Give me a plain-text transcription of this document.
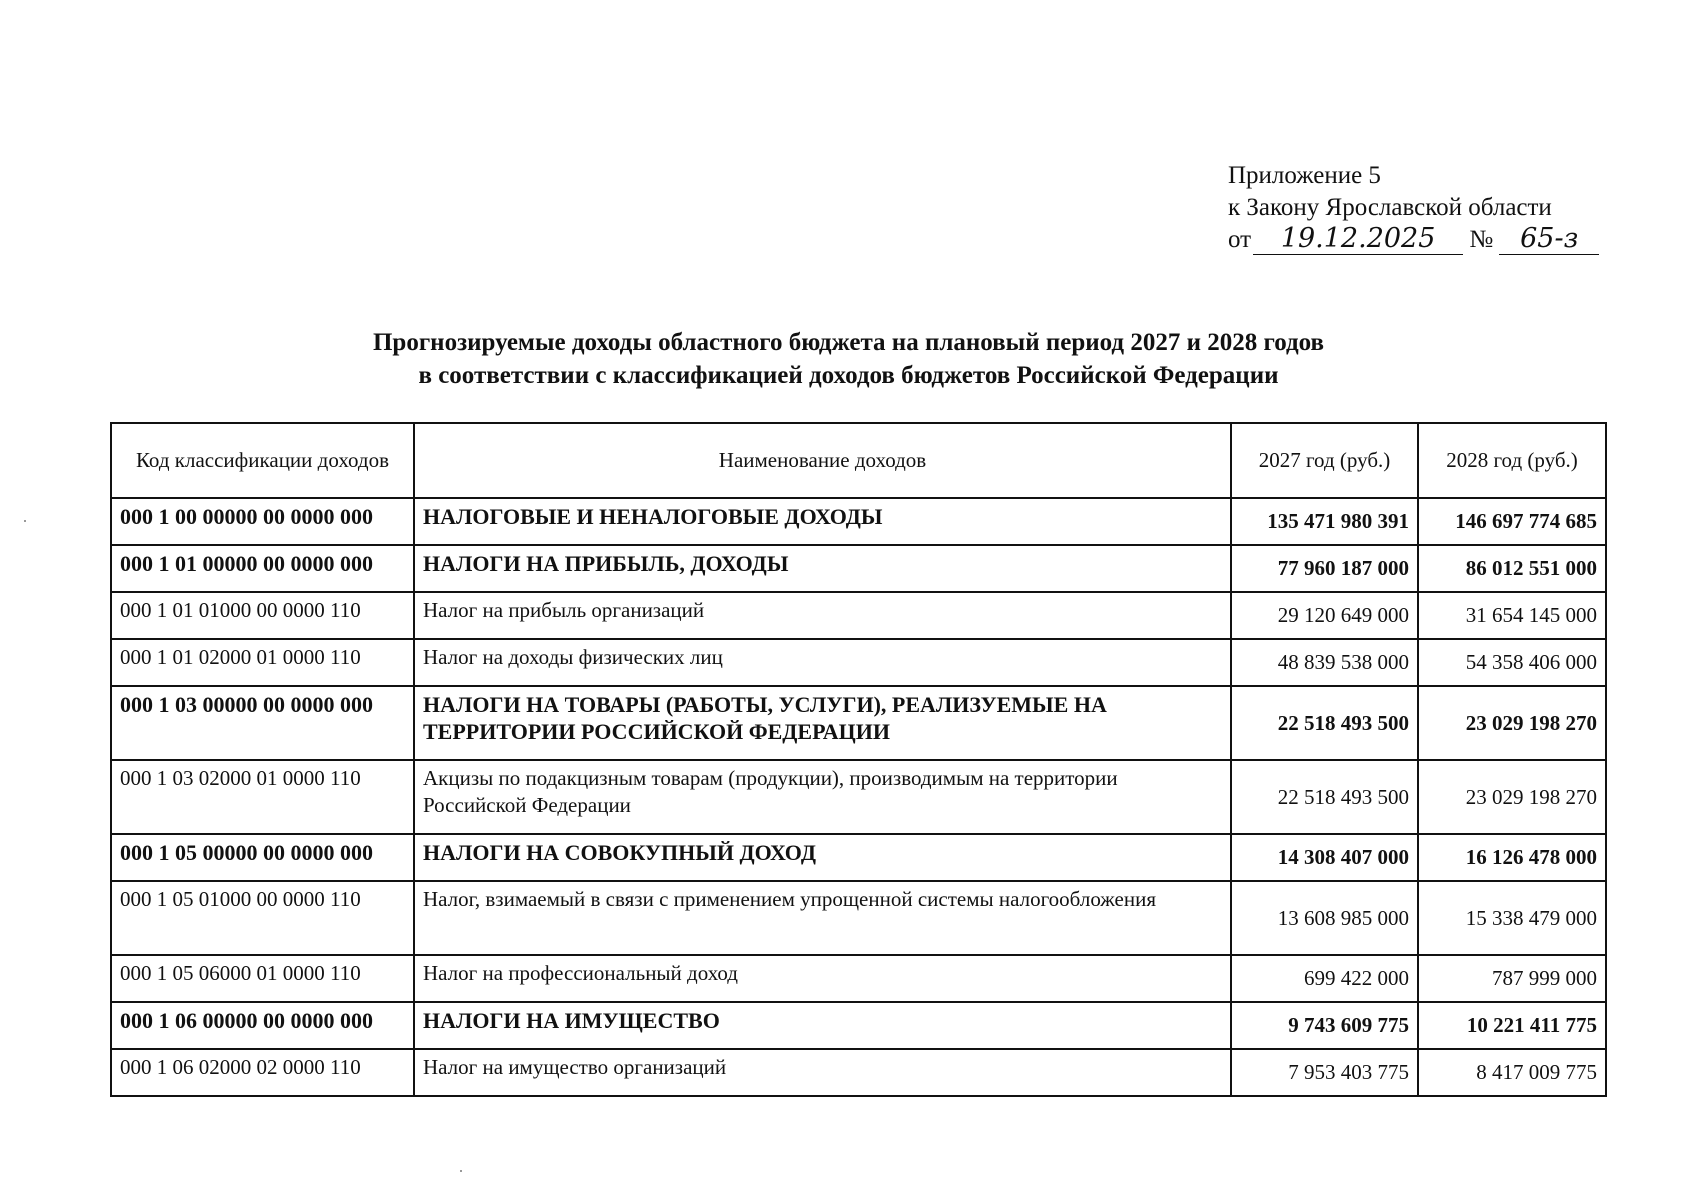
Приложение 5
к Закону Ярославской области
от 19.12.2025 № 65-з
Прогнозируемые доходы областного бюджета на плановый период 2027 и 2028 годов
в соответствии с классификацией доходов бюджетов Российской Федерации
Код классификации доходов	Наименование доходов	2027 год (руб.)	2028 год (руб.)
000 1 00 00000 00 0000 000	НАЛОГОВЫЕ И НЕНАЛОГОВЫЕ ДОХОДЫ	135 471 980 391	146 697 774 685
000 1 01 00000 00 0000 000	НАЛОГИ НА ПРИБЫЛЬ, ДОХОДЫ	77 960 187 000	86 012 551 000
000 1 01 01000 00 0000 110	Налог на прибыль организаций	29 120 649 000	31 654 145 000
000 1 01 02000 01 0000 110	Налог на доходы физических лиц	48 839 538 000	54 358 406 000
000 1 03 00000 00 0000 000	НАЛОГИ НА ТОВАРЫ (РАБОТЫ, УСЛУГИ), РЕАЛИЗУЕМЫЕ НА ТЕРРИТОРИИ РОССИЙСКОЙ ФЕДЕРАЦИИ	22 518 493 500	23 029 198 270
000 1 03 02000 01 0000 110	Акцизы по подакцизным товарам (продукции), производимым на территории Российской Федерации	22 518 493 500	23 029 198 270
000 1 05 00000 00 0000 000	НАЛОГИ НА СОВОКУПНЫЙ ДОХОД	14 308 407 000	16 126 478 000
000 1 05 01000 00 0000 110	Налог, взимаемый в связи с применением упрощенной системы налогообложения	13 608 985 000	15 338 479 000
000 1 05 06000 01 0000 110	Налог на профессиональный доход	699 422 000	787 999 000
000 1 06 00000 00 0000 000	НАЛОГИ НА ИМУЩЕСТВО	9 743 609 775	10 221 411 775
000 1 06 02000 02 0000 110	Налог на имущество организаций	7 953 403 775	8 417 009 775
